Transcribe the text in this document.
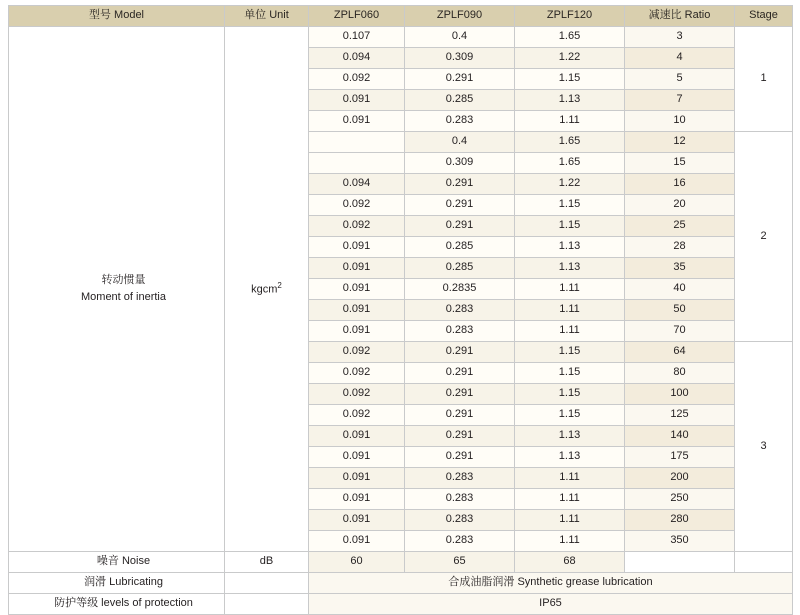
型号 Model	单位 Unit	ZPLF060	ZPLF090	ZPLF120	减速比 Ratio	Stage

转动惯量
Moment of inertia	kgcm$^2$	0.107	0.4	1.65	3	1
		0.094	0.309	1.22	4	
		0.092	0.291	1.15	5	
		0.091	0.285	1.13	7	
		0.091	0.283	1.11	10	
			0.4	1.65	12	2
			0.309	1.65	15	
		0.094	0.291	1.22	16	
		0.092	0.291	1.15	20	
		0.092	0.291	1.15	25	
		0.091	0.285	1.13	28	
		0.091	0.285	1.13	35	
		0.091	0.2835	1.11	40	
		0.091	0.283	1.11	50	
		0.091	0.283	1.11	70	
		0.092	0.291	1.15	64	3
		0.092	0.291	1.15	80	
		0.092	0.291	1.15	100	
		0.092	0.291	1.15	125	
		0.091	0.291	1.13	140	
		0.091	0.291	1.13	175	
		0.091	0.283	1.11	200	
		0.091	0.283	1.11	250	
		0.091	0.283	1.11	280	
		0.091	0.283	1.11	350	
噪音 Noise	dB	60	65	68		
润滑 Lubricating		合成油脂润滑 Synthetic grease lubrication				
防护等级 levels of protection		IP65				
